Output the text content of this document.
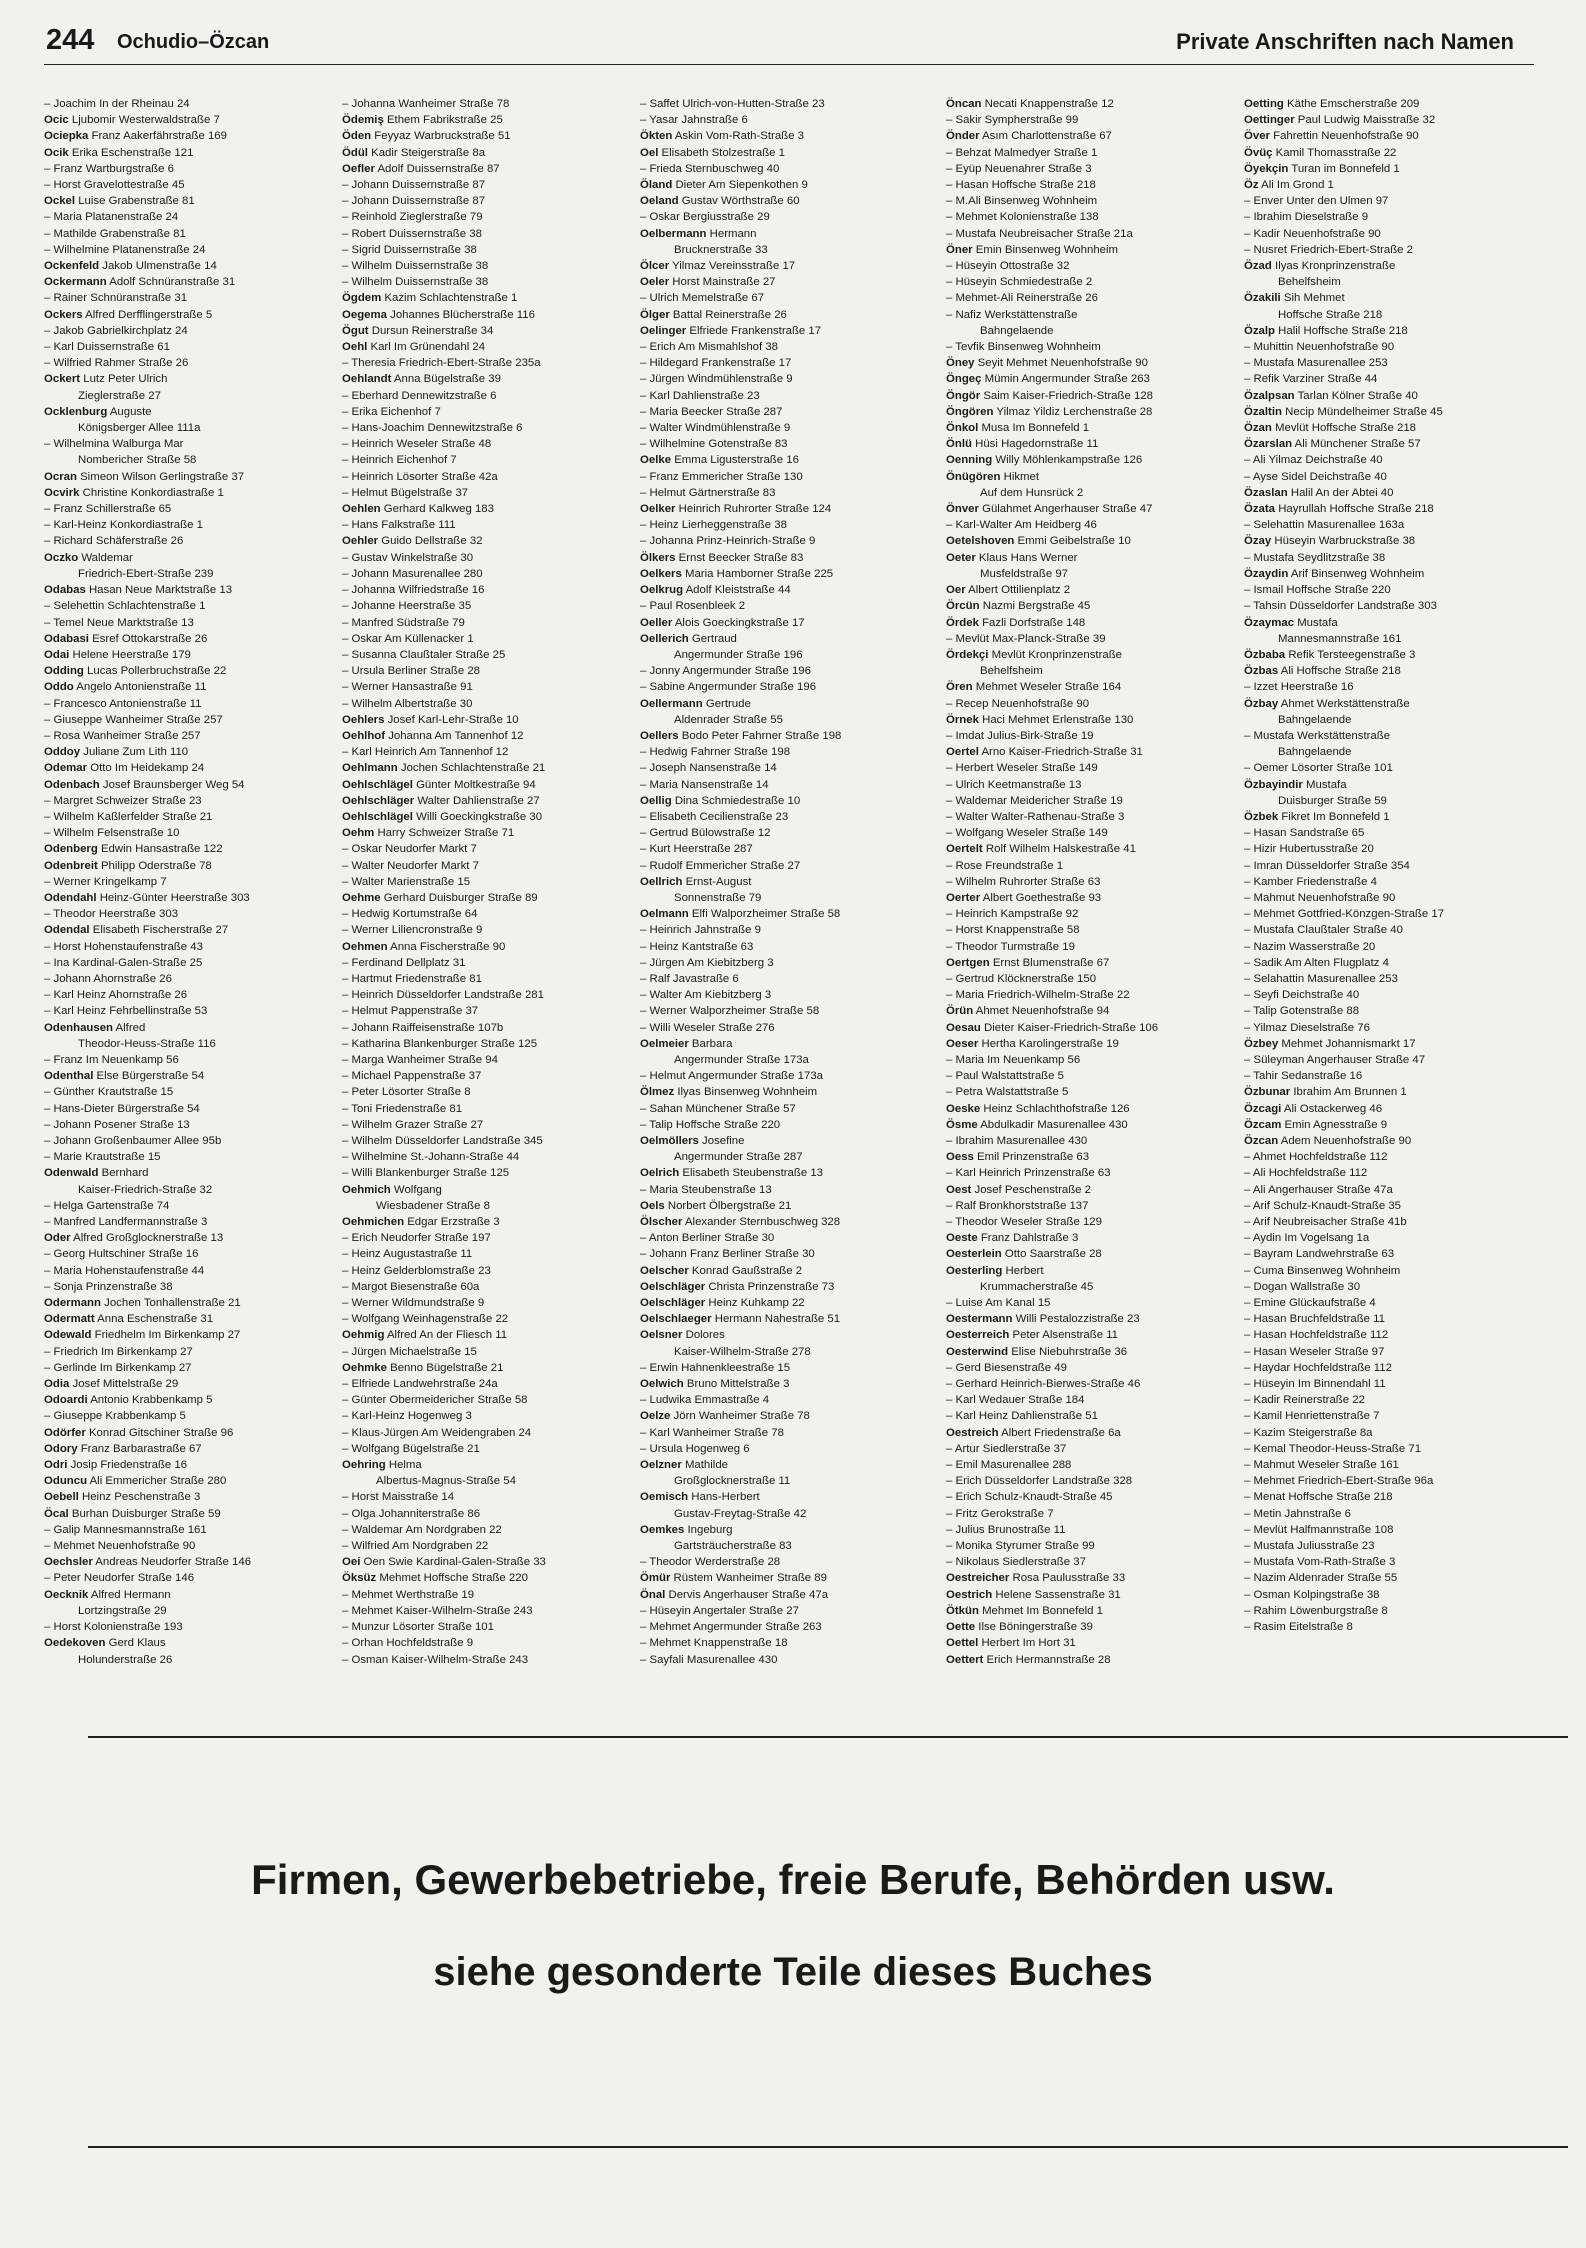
244 Ochudio–Özcan	Private Anschriften nach Namen
– Joachim In der Rheinau 24
Ocic Ljubomir Westerwaldstraße 7
Ociepka Franz Aakerfährstraße 169
Ocik Erika Eschenstraße 121
– Franz Wartburgstraße 6
– Horst Gravelottestraße 45
Ockel Luise Grabenstraße 81
– Maria Platanenstraße 24
– Mathilde Grabenstraße 81
– Wilhelmine Platanenstraße 24
Ockenfeld Jakob Ulmenstraße 14
Ockermann Adolf Schnüranstraße 31
– Rainer Schnüranstraße 31
Ockers Alfred Derfflingerstraße 5
– Jakob Gabrielkirchplatz 24
– Karl Duissernstraße 61
– Wilfried Rahmer Straße 26
Ockert Lutz Peter Ulrich
Zieglerstraße 27
Ocklenburg Auguste
Königsberger Allee 111a
– Wilhelmina Walburga Mar
Nombericher Straße 58
Ocran Simeon Wilson Gerlingstraße 37
Ocvirk Christine Konkordiastraße 1
– Franz Schillerstraße 65
– Karl-Heinz Konkordiastraße 1
– Richard Schäferstraße 26
Oczko Waldemar
Friedrich-Ebert-Straße 239
Odabas Hasan Neue Marktstraße 13
– Selehettin Schlachtenstraße 1
– Temel Neue Marktstraße 13
Odabasi Esref Ottokarstraße 26
Odai Helene Heerstraße 179
Odding Lucas Pollerbruchstraße 22
Oddo Angelo Antonienstraße 11
– Francesco Antonienstraße 11
– Giuseppe Wanheimer Straße 257
– Rosa Wanheimer Straße 257
Oddoy Juliane Zum Lith 110
Odemar Otto Im Heidekamp 24
Odenbach Josef Braunsberger Weg 54
– Margret Schweizer Straße 23
– Wilhelm Kaßlerfelder Straße 21
– Wilhelm Felsenstraße 10
Odenberg Edwin Hansastraße 122
Odenbreit Philipp Oderstraße 78
– Werner Kringelkamp 7
Odendahl Heinz-Günter Heerstraße 303
– Theodor Heerstraße 303
Odendal Elisabeth Fischerstraße 27
– Horst Hohenstaufenstraße 43
– Ina Kardinal-Galen-Straße 25
– Johann Ahornstraße 26
– Karl Heinz Ahornstraße 26
– Karl Heinz Fehrbellinstraße 53
Odenhausen Alfred
Theodor-Heuss-Straße 116
– Franz Im Neuenkamp 56
Odenthal Else Bürgerstraße 54
– Günther Krautstraße 15
– Hans-Dieter Bürgerstraße 54
– Johann Posener Straße 13
– Johann Großenbaumer Allee 95b
– Marie Krautstraße 15
Odenwald Bernhard
Kaiser-Friedrich-Straße 32
– Helga Gartenstraße 74
– Manfred Landfermannstraße 3
Oder Alfred Großglocknerstraße 13
– Georg Hultschiner Straße 16
– Maria Hohenstaufenstraße 44
– Sonja Prinzenstraße 38
Odermann Jochen Tonhallenstraße 21
Odermatt Anna Eschenstraße 31
Odewald Friedhelm Im Birkenkamp 27
– Friedrich Im Birkenkamp 27
– Gerlinde Im Birkenkamp 27
Odia Josef Mittelstraße 29
Odoardi Antonio Krabbenkamp 5
– Giuseppe Krabbenkamp 5
Odörfer Konrad Gitschiner Straße 96
Odory Franz Barbarastraße 67
Odri Josip Friedenstraße 16
Oduncu Ali Emmericher Straße 280
Oebell Heinz Peschenstraße 3
Öcal Burhan Duisburger Straße 59
– Galip Mannesmannstraße 161
– Mehmet Neuenhofstraße 90
Oechsler Andreas Neudorfer Straße 146
– Peter Neudorfer Straße 146
Oecknik Alfred Hermann
Lortzingstraße 29
– Horst Kolonienstraße 193
Oedekoven Gerd Klaus
Holunderstraße 26
– Johanna Wanheimer Straße 78
Ödemiş Ethem Fabrikstraße 25
Öden Feyyaz Warbruckstraße 51
Ödül Kadir Steigerstraße 8a
Oefler Adolf Duissernstraße 87
– Johann Duissernstraße 87
– Johann Duissernstraße 87
– Reinhold Zieglerstraße 79
– Robert Duissernstraße 38
– Sigrid Duissernstraße 38
– Wilhelm Duissernstraße 38
– Wilhelm Duissernstraße 38
Ögdem Kazim Schlachtenstraße 1
Oegema Johannes Blücherstraße 116
Ögut Dursun Reinerstraße 34
Oehl Karl Im Grünendahl 24
– Theresia Friedrich-Ebert-Straße 235a
Oehlandt Anna Bügelstraße 39
– Eberhard Dennewitzstraße 6
– Erika Eichenhof 7
– Hans-Joachim Dennewitzstraße 6
– Heinrich Weseler Straße 48
– Heinrich Eichenhof 7
– Heinrich Lösorter Straße 42a
– Helmut Bügelstraße 37
Oehlen Gerhard Kalkweg 183
– Hans Falkstraße 111
Oehler Guido Dellstraße 32
– Gustav Winkelstraße 30
– Johann Masurenallee 280
– Johanna Wilfriedstraße 16
– Johanne Heerstraße 35
– Manfred Südstraße 79
– Oskar Am Küllenacker 1
– Susanna Claußtaler Straße 25
– Ursula Berliner Straße 28
– Werner Hansastraße 91
– Wilhelm Albertstraße 30
Oehlers Josef Karl-Lehr-Straße 10
Oehlhof Johanna Am Tannenhof 12
– Karl Heinrich Am Tannenhof 12
Oehlmann Jochen Schlachtenstraße 21
Oehlschlägel Günter Moltkestraße 94
Oehlschläger Walter Dahlienstraße 27
Oehlschlägel Willi Goeckingkstraße 30
Oehm Harry Schweizer Straße 71
– Oskar Neudorfer Markt 7
– Walter Neudorfer Markt 7
– Walter Marienstraße 15
Oehme Gerhard Duisburger Straße 89
– Hedwig Kortumstraße 64
– Werner Liliencronstraße 9
Oehmen Anna Fischerstraße 90
– Ferdinand Dellplatz 31
– Hartmut Friedenstraße 81
– Heinrich Düsseldorfer Landstraße 281
– Helmut Pappenstraße 37
– Johann Raiffeisenstraße 107b
– Katharina Blankenburger Straße 125
– Marga Wanheimer Straße 94
– Michael Pappenstraße 37
– Peter Lösorter Straße 8
– Toni Friedenstraße 81
– Wilhelm Grazer Straße 27
– Wilhelm Düsseldorfer Landstraße 345
– Wilhelmine St.-Johann-Straße 44
– Willi Blankenburger Straße 125
Oehmich Wolfgang
Wiesbadener Straße 8
Oehmichen Edgar Erzstraße 3
– Erich Neudorfer Straße 197
– Heinz Augustastraße 11
– Heinz Gelderblomstraße 23
– Margot Biesenstraße 60a
– Werner Wildmundstraße 9
– Wolfgang Weinhagenstraße 22
Oehmig Alfred An der Fliesch 11
– Jürgen Michaelstraße 15
Oehmke Benno Bügelstraße 21
– Elfriede Landwehrstraße 24a
– Günter Obermeidericher Straße 58
– Karl-Heinz Hogenweg 3
– Klaus-Jürgen Am Weidengraben 24
– Wolfgang Bügelstraße 21
Oehring Helma
Albertus-Magnus-Straße 54
– Horst Maisstraße 14
– Olga Johanniterstraße 86
– Waldemar Am Nordgraben 22
– Wilfried Am Nordgraben 22
Oei Oen Swie Kardinal-Galen-Straße 33
Öksüz Mehmet Hoffsche Straße 220
– Mehmet Werthstraße 19
– Mehmet Kaiser-Wilhelm-Straße 243
– Munzur Lösorter Straße 101
– Orhan Hochfeldstraße 9
– Osman Kaiser-Wilhelm-Straße 243
– Saffet Ulrich-von-Hutten-Straße 23
– Yasar Jahnstraße 6
Ökten Askin Vom-Rath-Straße 3
Oel Elisabeth Stolzestraße 1
– Frieda Sternbuschweg 40
Öland Dieter Am Siepenkothen 9
Oeland Gustav Wörthstraße 60
– Oskar Bergiusstraße 29
Oelbermann Hermann
Brucknerstraße 33
Ölcer Yilmaz Vereinsstraße 17
Oeler Horst Mainstraße 27
– Ulrich Memelstraße 67
Ölger Battal Reinerstraße 26
Oelinger Elfriede Frankenstraße 17
– Erich Am Mismahlshof 38
– Hildegard Frankenstraße 17
– Jürgen Windmühlenstraße 9
– Karl Dahlienstraße 23
– Maria Beecker Straße 287
– Walter Windmühlenstraße 9
– Wilhelmine Gotenstraße 83
Oelke Emma Ligusterstraße 16
– Franz Emmericher Straße 130
– Helmut Gärtnerstraße 83
Oelker Heinrich Ruhrorter Straße 124
– Heinz Lierheggenstraße 38
– Johanna Prinz-Heinrich-Straße 9
Ölkers Ernst Beecker Straße 83
Oelkers Maria Hamborner Straße 225
Oelkrug Adolf Kleiststraße 44
– Paul Rosenbleek 2
Oeller Alois Goeckingkstraße 17
Oellerich Gertraud
Angermunder Straße 196
– Jonny Angermunder Straße 196
– Sabine Angermunder Straße 196
Oellermann Gertrude
Aldenrader Straße 55
Oellers Bodo Peter Fahrner Straße 198
– Hedwig Fahrner Straße 198
– Joseph Nansenstraße 14
– Maria Nansenstraße 14
Oellig Dina Schmiedestraße 10
– Elisabeth Cecilienstraße 23
– Gertrud Bülowstraße 12
– Kurt Heerstraße 287
– Rudolf Emmericher Straße 27
Oellrich Ernst-August
Sonnenstraße 79
Oelmann Elfi Walporzheimer Straße 58
– Heinrich Jahnstraße 9
– Heinz Kantstraße 63
– Jürgen Am Kiebitzberg 3
– Ralf Javastraße 6
– Walter Am Kiebitzberg 3
– Werner Walporzheimer Straße 58
– Willi Weseler Straße 276
Oelmeier Barbara
Angermunder Straße 173a
– Helmut Angermunder Straße 173a
Ölmez Ilyas Binsenweg Wohnheim
– Sahan Münchener Straße 57
– Talip Hoffsche Straße 220
Oelmöllers Josefine
Angermunder Straße 287
Oelrich Elisabeth Steubenstraße 13
– Maria Steubenstraße 13
Oels Norbert Ölbergstraße 21
Ölscher Alexander Sternbuschweg 328
– Anton Berliner Straße 30
– Johann Franz Berliner Straße 30
Oelscher Konrad Gaußstraße 2
Oelschläger Christa Prinzenstraße 73
Oelschläger Heinz Kuhkamp 22
Oelschlaeger Hermann Nahestraße 51
Oelsner Dolores
Kaiser-Wilhelm-Straße 278
– Erwin Hahnenkleestraße 15
Oelwich Bruno Mittelstraße 3
– Ludwika Emmastraße 4
Oelze Jörn Wanheimer Straße 78
– Karl Wanheimer Straße 78
– Ursula Hogenweg 6
Oelzner Mathilde
Großglocknerstraße 11
Oemisch Hans-Herbert
Gustav-Freytag-Straße 42
Oemkes Ingeburg
Gartsträucherstraße 83
– Theodor Werderstraße 28
Ömür Rüstem Wanheimer Straße 89
Önal Dervis Angerhauser Straße 47a
– Hüseyin Angertaler Straße 27
– Mehmet Angermunder Straße 263
– Mehmet Knappenstraße 18
– Sayfali Masurenallee 430
Öncan Necati Knappenstraße 12
– Sakir Sympherstraße 99
Önder Asım Charlottenstraße 67
– Behzat Malmedyer Straße 1
– Eyüp Neuenahrer Straße 3
– Hasan Hoffsche Straße 218
– M.Ali Binsenweg Wohnheim
– Mehmet Kolonienstraße 138
– Mustafa Neubreisacher Straße 21a
Öner Emin Binsenweg Wohnheim
– Hüseyin Ottostraße 32
– Hüseyin Schmiedestraße 2
– Mehmet-Ali Reinerstraße 26
– Nafiz Werkstättenstraße
Bahngelaende
– Tevfik Binsenweg Wohnheim
Öney Seyit Mehmet Neuenhofstraße 90
Öngeç Mümin Angermunder Straße 263
Öngör Saim Kaiser-Friedrich-Straße 128
Öngören Yilmaz Yildiz Lerchenstraße 28
Önkol Musa Im Bonnefeld 1
Önlü Hüsi Hagedornstraße 11
Oenning Willy Möhlenkampstraße 126
Önügören Hikmet
Auf dem Hunsrück 2
Önver Gülahmet Angerhauser Straße 47
– Karl-Walter Am Heidberg 46
Oetelshoven Emmi Geibelstraße 10
Oeter Klaus Hans Werner
Musfeldstraße 97
Oer Albert Ottilienplatz 2
Örcün Nazmi Bergstraße 45
Ördek Fazli Dorfstraße 148
– Mevlüt Max-Planck-Straße 39
Ördekçi Mevlüt Kronprinzenstraße
Behelfsheim
Ören Mehmet Weseler Straße 164
– Recep Neuenhofstraße 90
Örnek Haci Mehmet Erlenstraße 130
– Imdat Julius-Birk-Straße 19
Oertel Arno Kaiser-Friedrich-Straße 31
– Herbert Weseler Straße 149
– Ulrich Keetmanstraße 13
– Waldemar Meidericher Straße 19
– Walter Walter-Rathenau-Straße 3
– Wolfgang Weseler Straße 149
Oertelt Rolf Wilhelm Halskestraße 41
– Rose Freundstraße 1
– Wilhelm Ruhrorter Straße 63
Oerter Albert Goethestraße 93
– Heinrich Kampstraße 92
– Horst Knappenstraße 58
– Theodor Turmstraße 19
Oertgen Ernst Blumenstraße 67
– Gertrud Klöcknerstraße 150
– Maria Friedrich-Wilhelm-Straße 22
Örün Ahmet Neuenhofstraße 94
Oesau Dieter Kaiser-Friedrich-Straße 106
Oeser Hertha Karolingerstraße 19
– Maria Im Neuenkamp 56
– Paul Walstattstraße 5
– Petra Walstattstraße 5
Oeske Heinz Schlachthofstraße 126
Ösme Abdulkadir Masurenallee 430
– Ibrahim Masurenallee 430
Oess Emil Prinzenstraße 63
– Karl Heinrich Prinzenstraße 63
Oest Josef Peschenstraße 2
– Ralf Bronkhorststraße 137
– Theodor Weseler Straße 129
Oeste Franz Dahlstraße 3
Oesterlein Otto Saarstraße 28
Oesterling Herbert
Krummacherstraße 45
– Luise Am Kanal 15
Oestermann Willi Pestalozzistraße 23
Oesterreich Peter Alsenstraße 11
Oesterwind Elise Niebuhrstraße 36
– Gerd Biesenstraße 49
– Gerhard Heinrich-Bierwes-Straße 46
– Karl Wedauer Straße 184
– Karl Heinz Dahlienstraße 51
Oestreich Albert Friedenstraße 6a
– Artur Siedlerstraße 37
– Emil Masurenallee 288
– Erich Düsseldorfer Landstraße 328
– Erich Schulz-Knaudt-Straße 45
– Fritz Gerokstraße 7
– Julius Brunostraße 11
– Monika Styrumer Straße 99
– Nikolaus Siedlerstraße 37
Oestreicher Rosa Paulusstraße 33
Oestrich Helene Sassenstraße 31
Ötkün Mehmet Im Bonnefeld 1
Oette Ilse Böningerstraße 39
Oettel Herbert Im Hort 31
Oettert Erich Hermannstraße 28
Oetting Käthe Emscherstraße 209
Oettinger Paul Ludwig Maisstraße 32
Över Fahrettin Neuenhofstraße 90
Övüç Kamil Thomasstraße 22
Öyekçin Turan im Bonnefeld 1
Öz Ali Im Grond 1
– Enver Unter den Ulmen 97
– Ibrahim Dieselstraße 9
– Kadir Neuenhofstraße 90
– Nusret Friedrich-Ebert-Straße 2
Özad Ilyas Kronprinzenstraße
Behelfsheim
Özakili Sih Mehmet
Hoffsche Straße 218
Özalp Halil Hoffsche Straße 218
– Muhittin Neuenhofstraße 90
– Mustafa Masurenallee 253
– Refik Varziner Straße 44
Özalpsan Tarlan Kölner Straße 40
Özaltin Necip Mündelheimer Straße 45
Özan Mevlüt Hoffsche Straße 218
Özarslan Ali Münchener Straße 57
– Ali Yilmaz Deichstraße 40
– Ayse Sidel Deichstraße 40
Özaslan Halil An der Abtei 40
Özata Hayrullah Hoffsche Straße 218
– Selehattin Masurenallee 163a
Özay Hüseyin Warbruckstraße 38
– Mustafa Seydlitzstraße 38
Özaydin Arif Binsenweg Wohnheim
– Ismail Hoffsche Straße 220
– Tahsin Düsseldorfer Landstraße 303
Özaymac Mustafa
Mannesmannstraße 161
Özbaba Refik Tersteegenstraße 3
Özbas Ali Hoffsche Straße 218
– Izzet Heerstraße 16
Özbay Ahmet Werkstättenstraße
Bahngelaende
– Mustafa Werkstättenstraße
Bahngelaende
– Oemer Lösorter Straße 101
Özbayindir Mustafa
Duisburger Straße 59
Özbek Fikret Im Bonnefeld 1
– Hasan Sandstraße 65
– Hizir Hubertusstraße 20
– Imran Düsseldorfer Straße 354
– Kamber Friedenstraße 4
– Mahmut Neuenhofstraße 90
– Mehmet Gottfried-Könzgen-Straße 17
– Mustafa Claußtaler Straße 40
– Nazim Wasserstraße 20
– Sadik Am Alten Flugplatz 4
– Selahattin Masurenallee 253
– Seyfi Deichstraße 40
– Talip Gotenstraße 88
– Yilmaz Dieselstraße 76
Özbey Mehmet Johannismarkt 17
– Süleyman Angerhauser Straße 47
– Tahir Sedanstraße 16
Özbunar Ibrahim Am Brunnen 1
Özcagi Ali Ostackerweg 46
Özcam Emin Agnesstraße 9
Özcan Adem Neuenhofstraße 90
– Ahmet Hochfeldstraße 112
– Ali Hochfeldstraße 112
– Ali Angerhauser Straße 47a
– Arif Schulz-Knaudt-Straße 35
– Arif Neubreisacher Straße 41b
– Aydin Im Vogelsang 1a
– Bayram Landwehrstraße 63
– Cuma Binsenweg Wohnheim
– Dogan Wallstraße 30
– Emine Glückaufstraße 4
– Hasan Bruchfeldstraße 11
– Hasan Hochfeldstraße 112
– Hasan Weseler Straße 97
– Haydar Hochfeldstraße 112
– Hüseyin Im Binnendahl 11
– Kadir Reinerstraße 22
– Kamil Henriettenstraße 7
– Kazim Steigerstraße 8a
– Kemal Theodor-Heuss-Straße 71
– Mahmut Weseler Straße 161
– Mehmet Friedrich-Ebert-Straße 96a
– Menat Hoffsche Straße 218
– Metin Jahnstraße 6
– Mevlüt Halfmannstraße 108
– Mustafa Juliusstraße 23
– Mustafa Vom-Rath-Straße 3
– Nazim Aldenrader Straße 55
– Osman Kolpingstraße 38
– Rahim Löwenburgstraße 8
– Rasim Eitelstraße 8
Firmen, Gewerbebetriebe, freie Berufe, Behörden usw.
siehe gesonderte Teile dieses Buches
